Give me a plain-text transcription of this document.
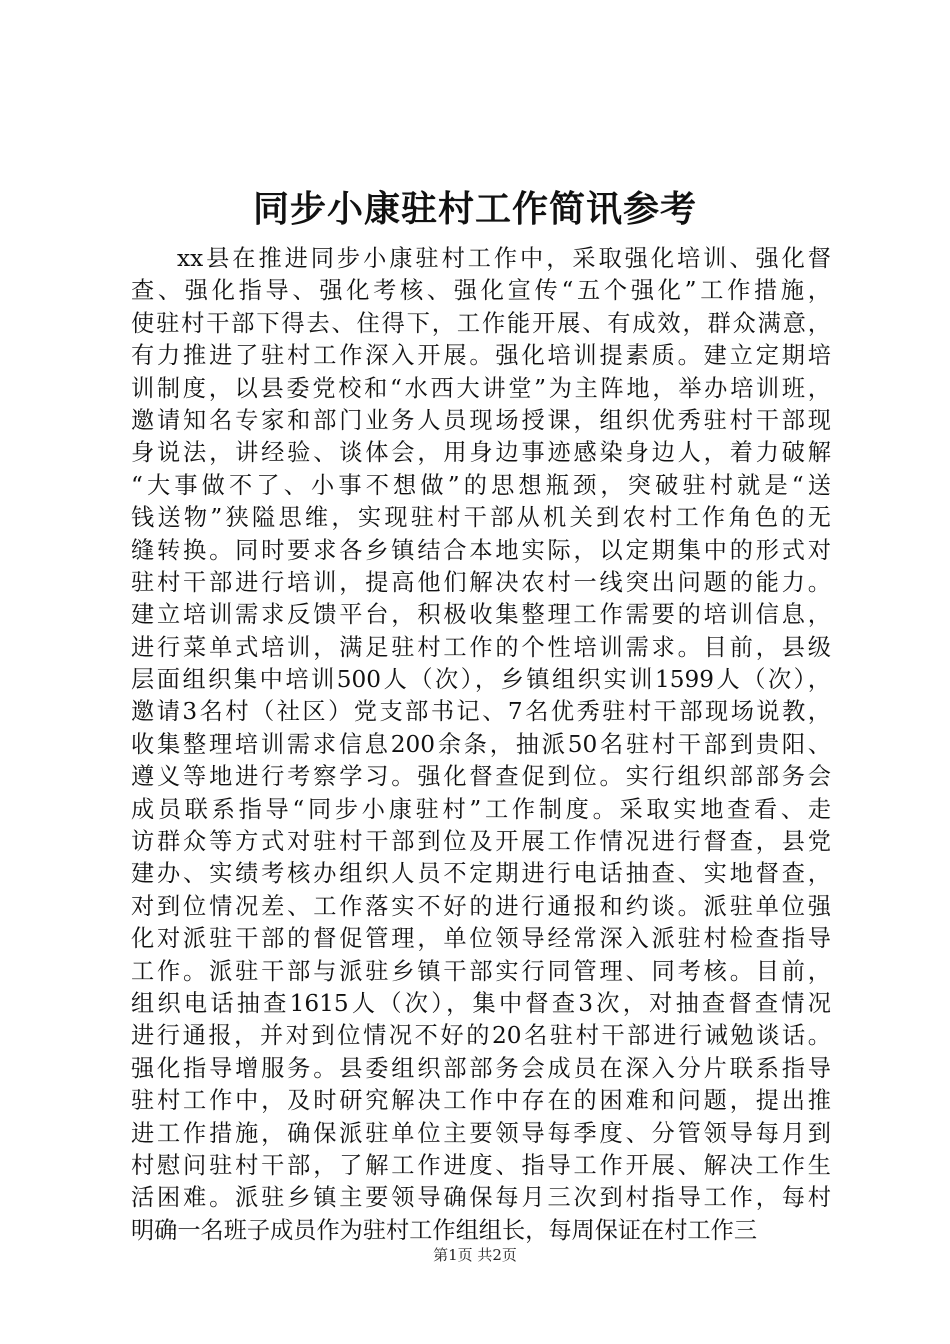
同步小康驻村工作简讯参考
xx县在推进同步小康驻村工作中，采取强化培训、强化督
查、强化指导、强化考核、强化宣传“五个强化”工作措施，
使驻村干部下得去、住得下，工作能开展、有成效，群众满意，
有力推进了驻村工作深入开展。强化培训提素质。建立定期培
训制度，以县委党校和“水西大讲堂”为主阵地，举办培训班，
邀请知名专家和部门业务人员现场授课，组织优秀驻村干部现
身说法，讲经验、谈体会，用身边事迹感染身边人，着力破解
“大事做不了、小事不想做”的思想瓶颈，突破驻村就是“送
钱送物”狭隘思维，实现驻村干部从机关到农村工作角色的无
缝转换。同时要求各乡镇结合本地实际，以定期集中的形式对
驻村干部进行培训，提高他们解决农村一线突出问题的能力。
建立培训需求反馈平台，积极收集整理工作需要的培训信息，
进行菜单式培训，满足驻村工作的个性培训需求。目前，县级
层面组织集中培训500人（次），乡镇组织实训1599人（次），
邀请3名村（社区）党支部书记、7名优秀驻村干部现场说教，
收集整理培训需求信息200余条，抽派50名驻村干部到贵阳、
遵义等地进行考察学习。强化督查促到位。实行组织部部务会
成员联系指导“同步小康驻村”工作制度。采取实地查看、走
访群众等方式对驻村干部到位及开展工作情况进行督查，县党
建办、实绩考核办组织人员不定期进行电话抽查、实地督查，
对到位情况差、工作落实不好的进行通报和约谈。派驻单位强
化对派驻干部的督促管理，单位领导经常深入派驻村检查指导
工作。派驻干部与派驻乡镇干部实行同管理、同考核。目前，
组织电话抽查1615人（次），集中督查3次，对抽查督查情况
进行通报，并对到位情况不好的20名驻村干部进行诫勉谈话。
强化指导增服务。县委组织部部务会成员在深入分片联系指导
驻村工作中，及时研究解决工作中存在的困难和问题，提出推
进工作措施，确保派驻单位主要领导每季度、分管领导每月到
村慰问驻村干部，了解工作进度、指导工作开展、解决工作生
活困难。派驻乡镇主要领导确保每月三次到村指导工作，每村
明确一名班子成员作为驻村工作组组长，每周保证在村工作三
第1页 共2页
